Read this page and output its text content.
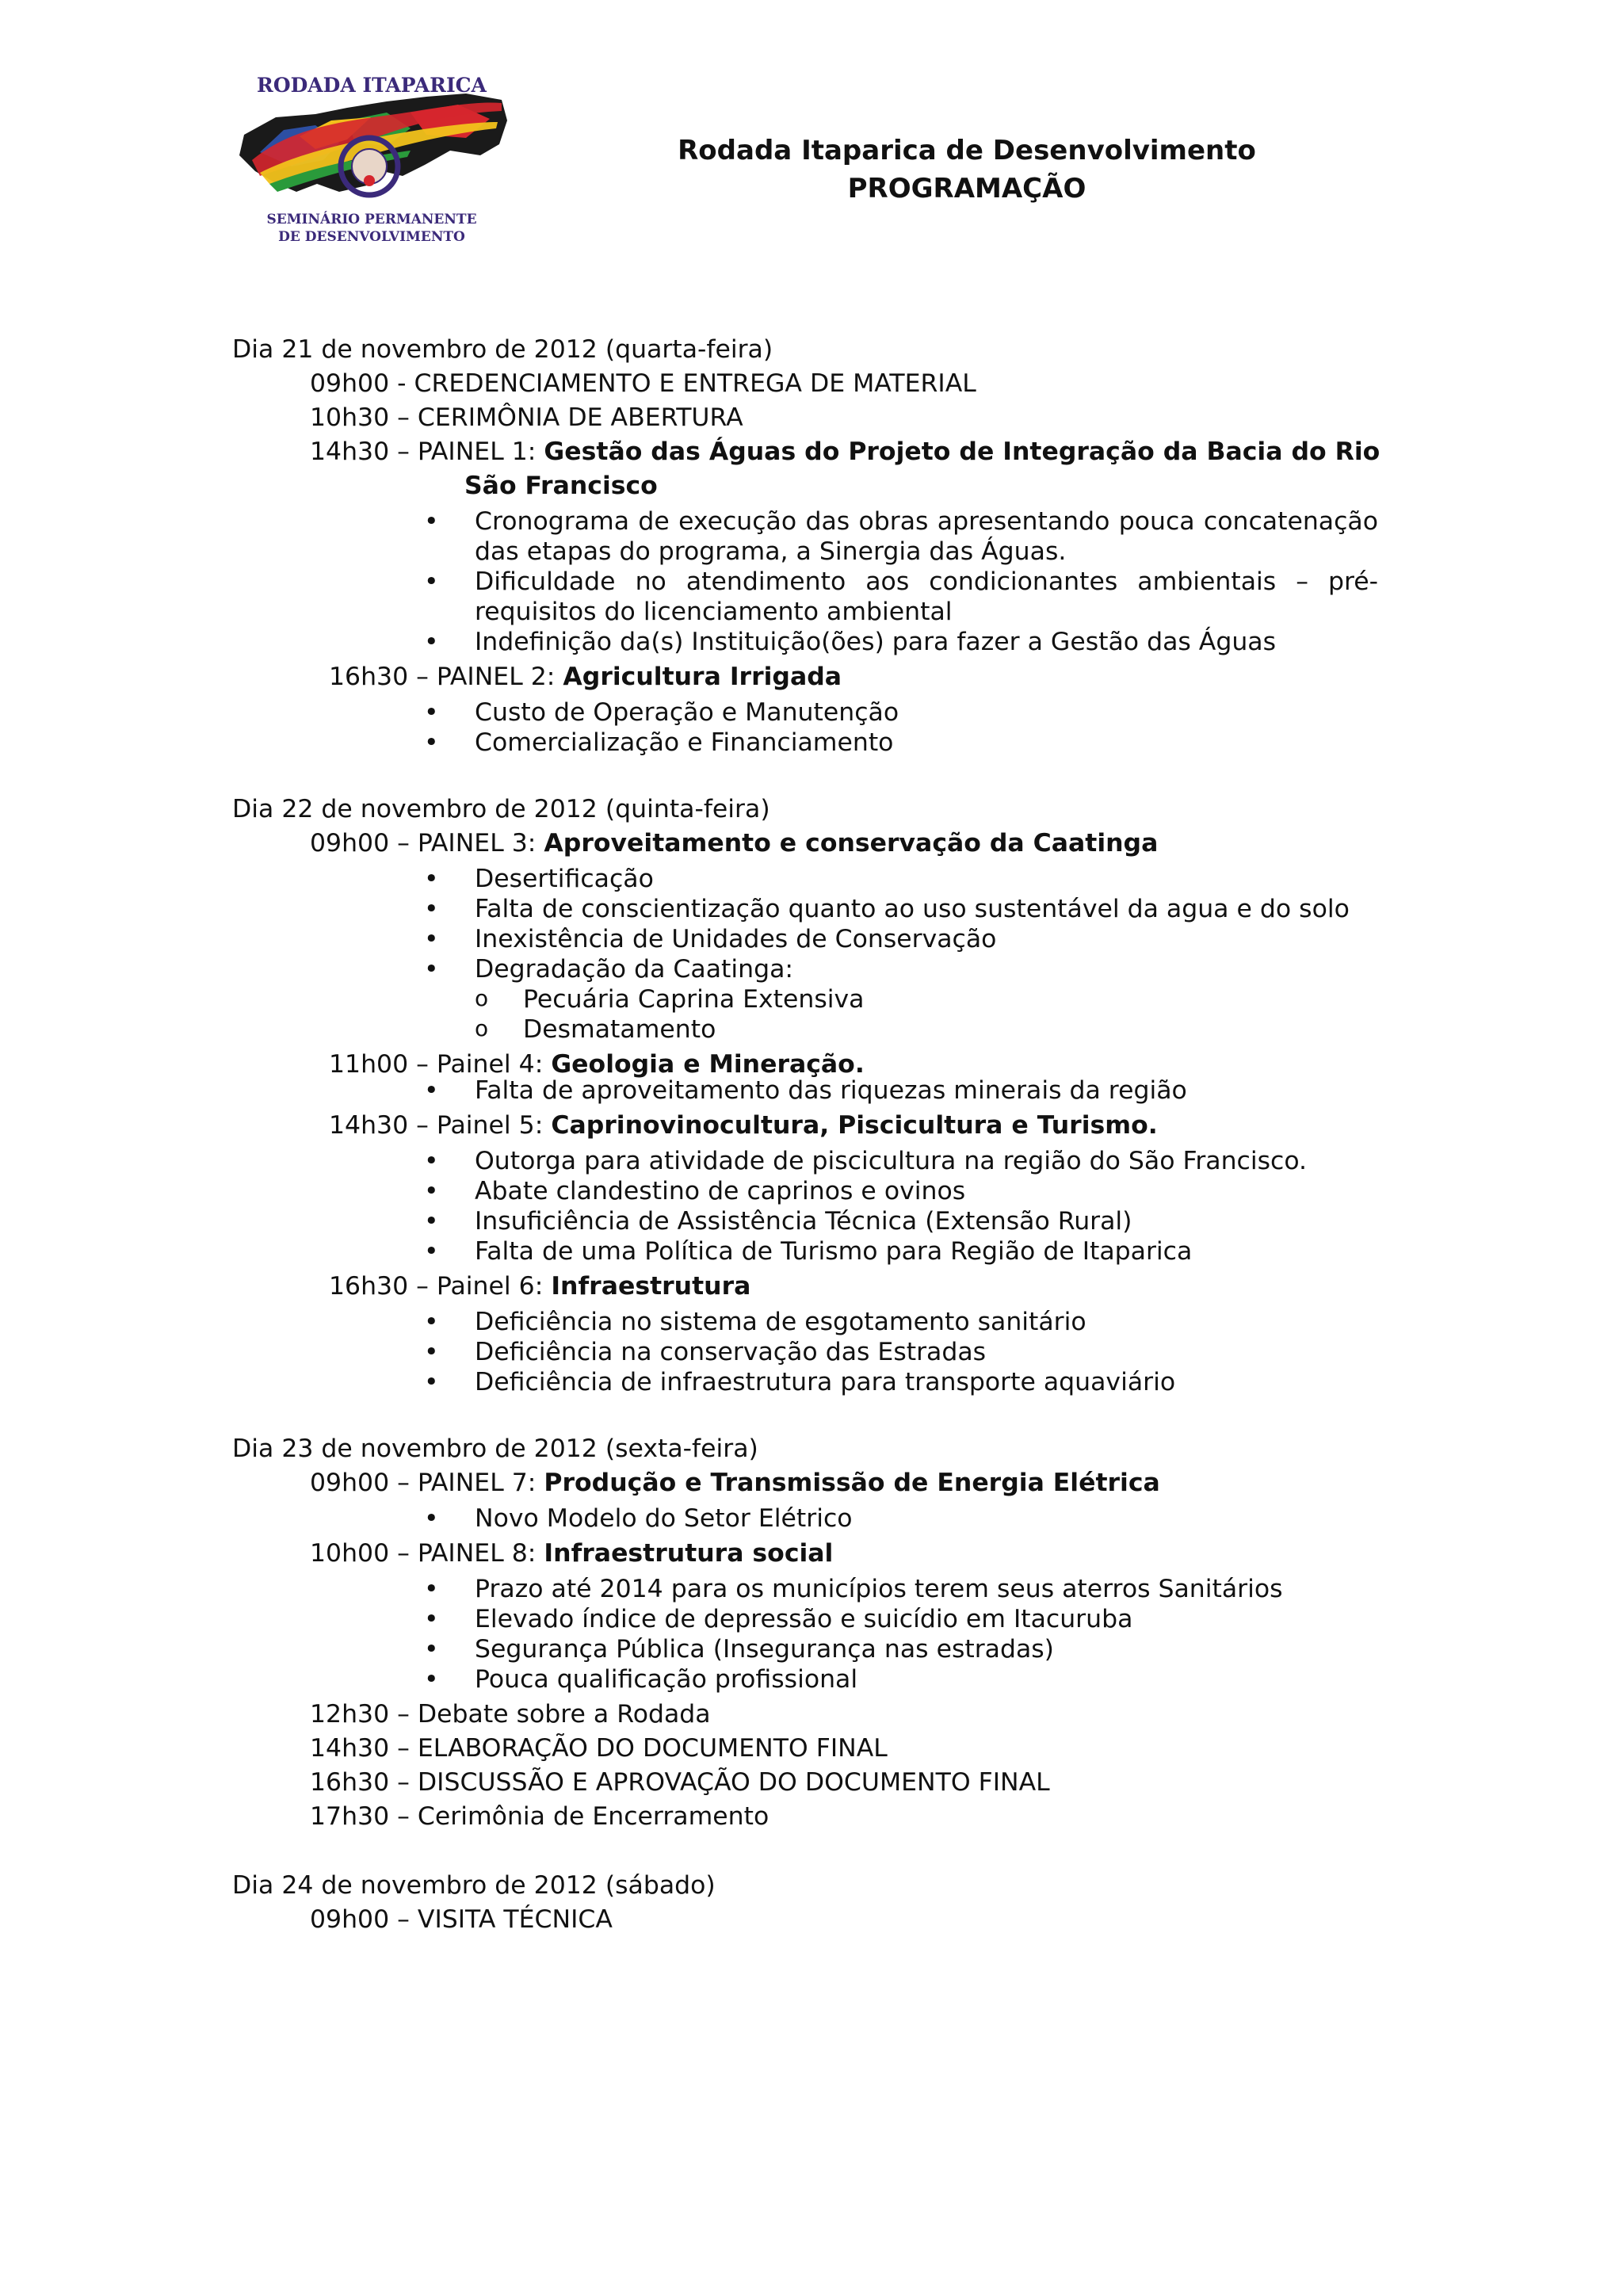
RODADA ITAPARICA
SEMINÁRIO PERMANENTE
DE DESENVOLVIMENTO
Rodada Itaparica de Desenvolvimento
PROGRAMAÇÃO
Dia 21 de novembro de 2012 (quarta-feira)
09h00 - CREDENCIAMENTO E ENTREGA DE MATERIAL
10h30 – CERIMÔNIA DE ABERTURA
14h30 – PAINEL 1: Gestão das Águas do Projeto de Integração da Bacia do Rio
São Francisco
• Cronograma de execução das obras apresentando pouca concatenação das etapas do programa, a Sinergia das Águas.
• Dificuldade no atendimento aos condicionantes ambientais – pré-requisitos do licenciamento ambiental
• Indefinição da(s) Instituição(ões) para fazer a Gestão das Águas
16h30 – PAINEL 2: Agricultura Irrigada
• Custo de Operação e Manutenção
• Comercialização e Financiamento
Dia 22 de novembro de 2012 (quinta-feira)
09h00 – PAINEL 3: Aproveitamento e conservação da Caatinga
• Desertificação
• Falta de conscientização quanto ao uso sustentável da agua e do solo
• Inexistência de Unidades de Conservação
• Degradação da Caatinga:
o Pecuária Caprina Extensiva
o Desmatamento
11h00 – Painel 4: Geologia e Mineração.
• Falta de aproveitamento das riquezas minerais da região
14h30 – Painel 5: Caprinovinocultura, Piscicultura e Turismo.
• Outorga para atividade de piscicultura na região do São Francisco.
• Abate clandestino de caprinos e ovinos
• Insuficiência de Assistência Técnica (Extensão Rural)
• Falta de uma Política de Turismo para Região de Itaparica
16h30 – Painel 6: Infraestrutura
• Deficiência no sistema de esgotamento sanitário
• Deficiência na conservação das Estradas
• Deficiência de infraestrutura para transporte aquaviário
Dia 23 de novembro de 2012 (sexta-feira)
09h00 – PAINEL 7: Produção e Transmissão de Energia Elétrica
• Novo Modelo do Setor Elétrico
10h00 – PAINEL 8: Infraestrutura social
• Prazo até 2014 para os municípios terem seus aterros Sanitários
• Elevado índice de depressão e suicídio em Itacuruba
• Segurança Pública (Insegurança nas estradas)
• Pouca qualificação profissional
12h30 – Debate sobre a Rodada
14h30 – ELABORAÇÃO DO DOCUMENTO FINAL
16h30 – DISCUSSÃO E APROVAÇÃO DO DOCUMENTO FINAL
17h30 – Cerimônia de Encerramento
Dia 24 de novembro de 2012 (sábado)
09h00 – VISITA TÉCNICA
